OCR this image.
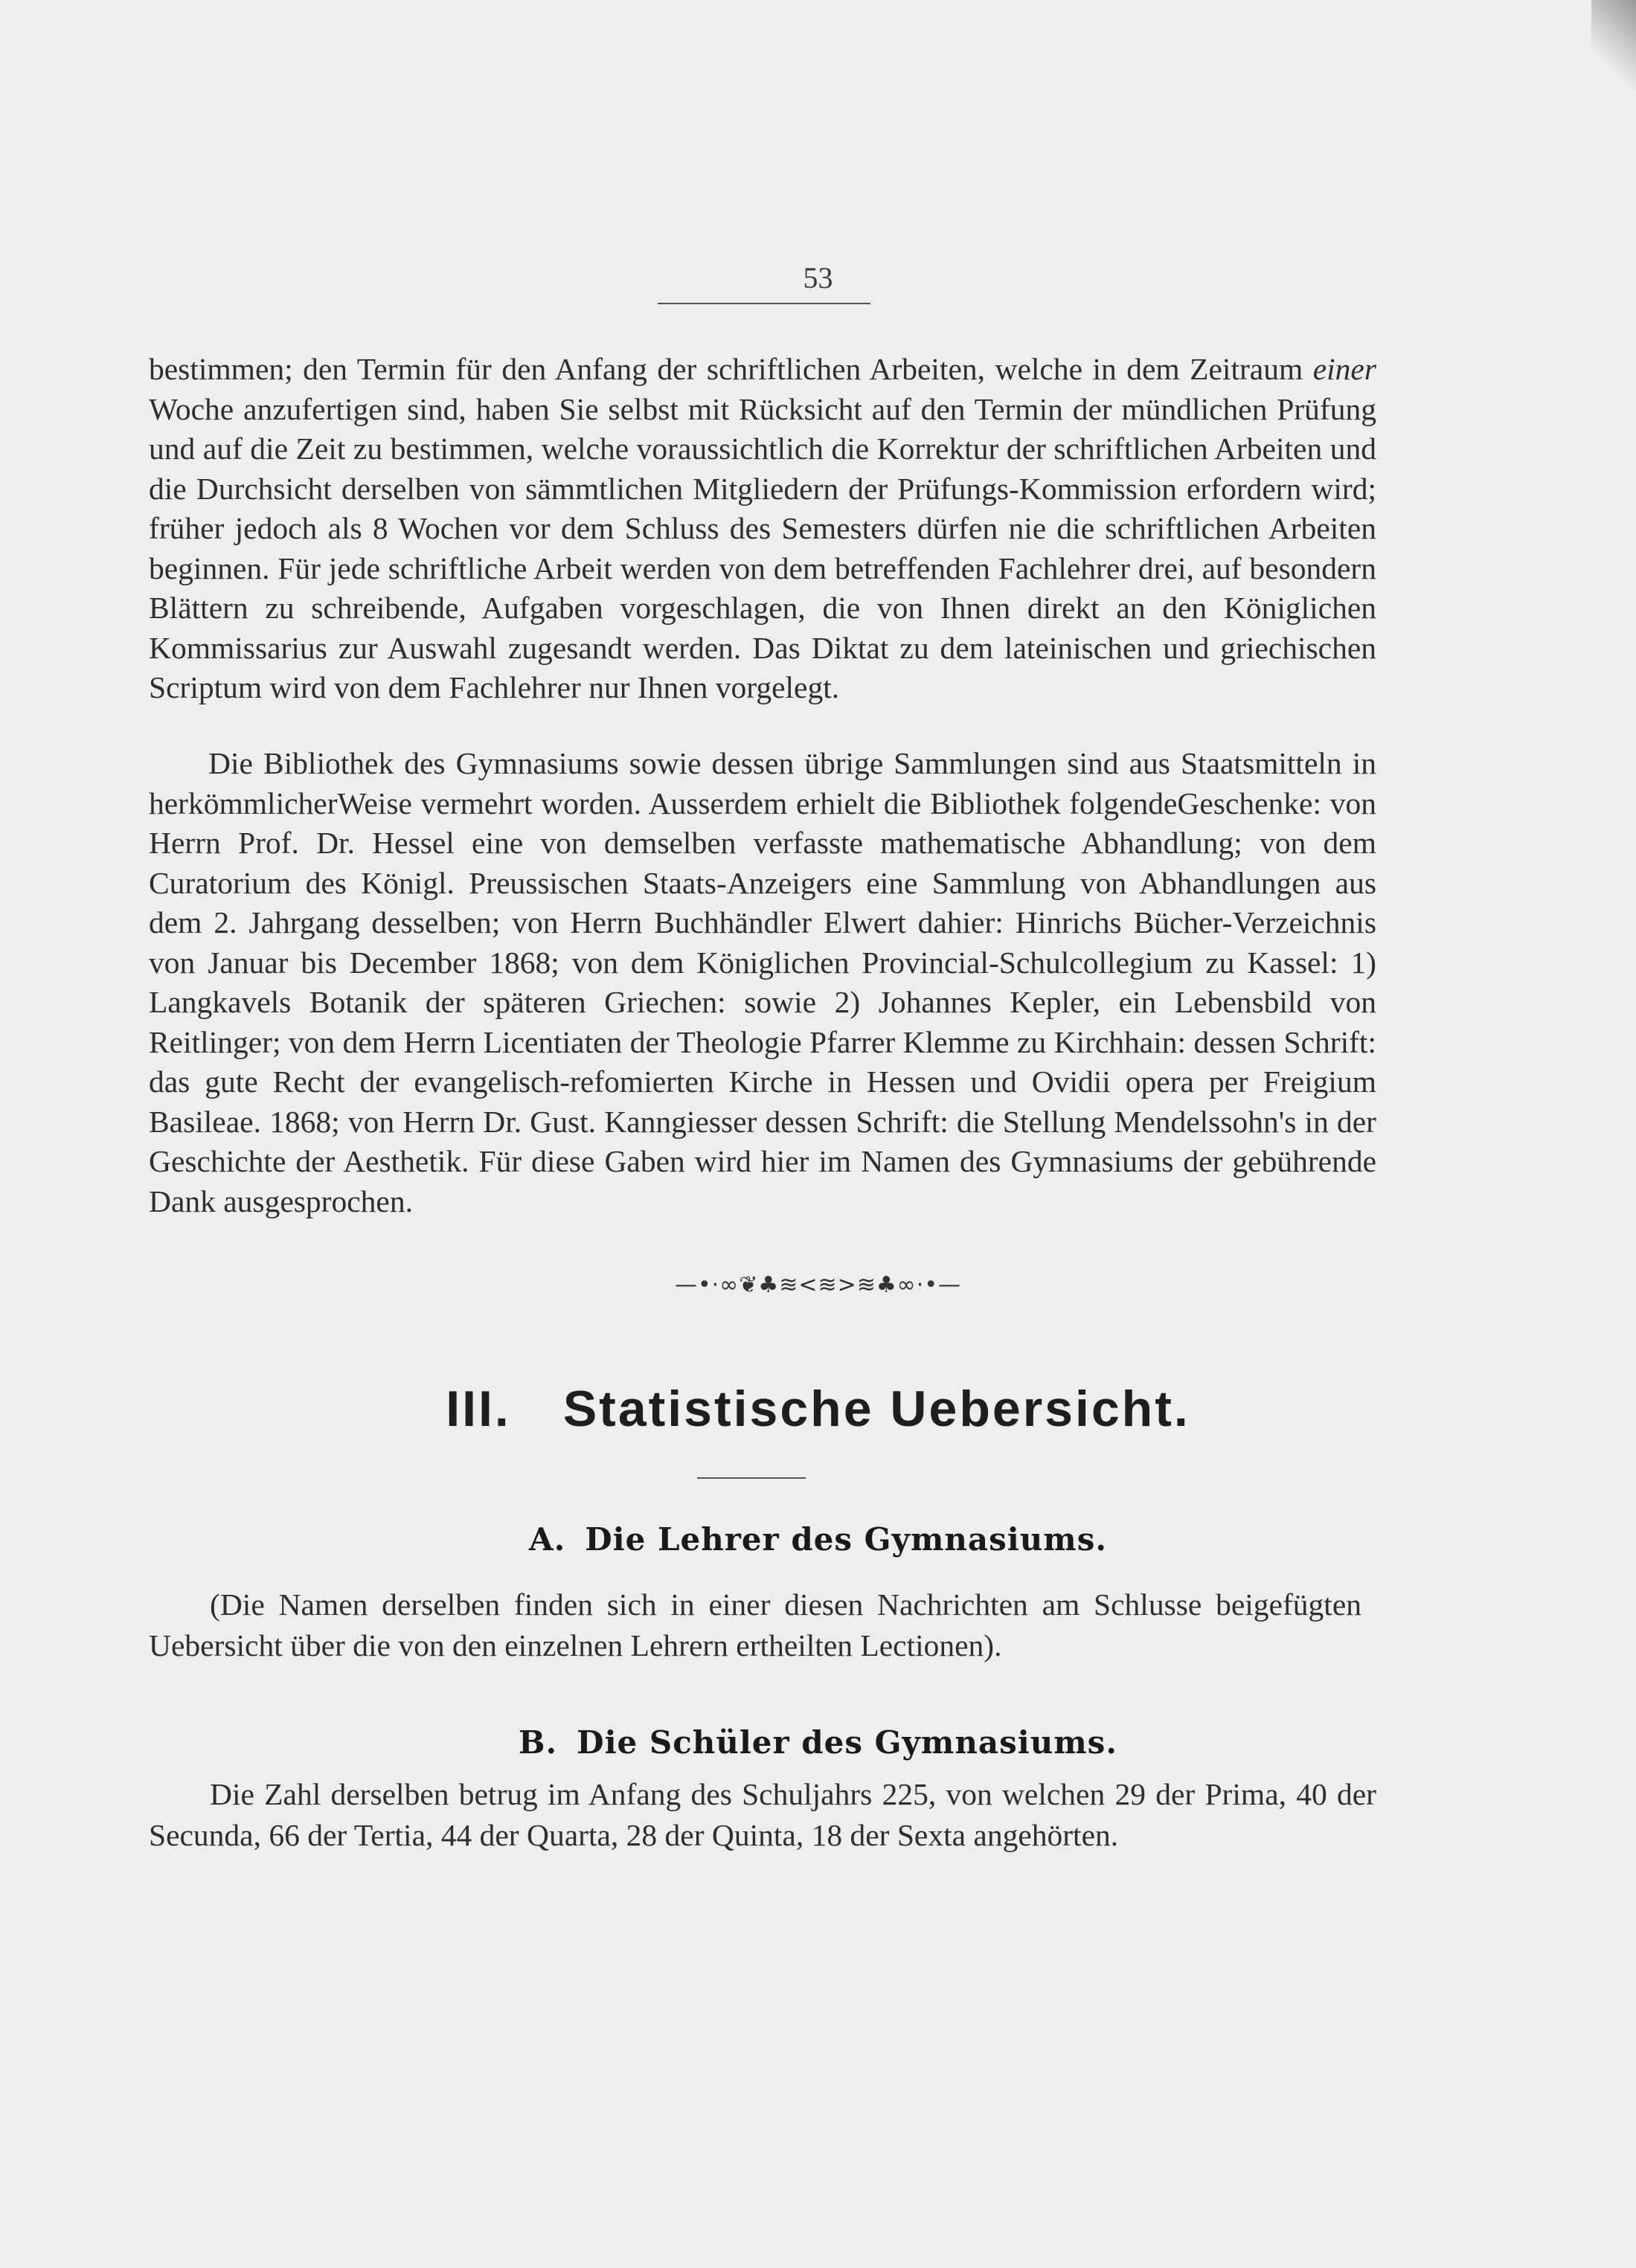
53

bestimmen; den Termin für den Anfang der schriftlichen Arbeiten, welche in dem Zeitraum einer Woche anzufertigen sind, haben Sie selbst mit Rücksicht auf den Termin der mündlichen Prüfung und auf die Zeit zu bestimmen, welche voraussichtlich die Korrektur der schriftlichen Arbeiten und die Durchsicht derselben von sämmtlichen Mitgliedern der Prüfungs-Kommission erfordern wird; früher jedoch als 8 Wochen vor dem Schluss des Semesters dürfen nie die schriftlichen Arbeiten beginnen. Für jede schriftliche Arbeit werden von dem betreffenden Fachlehrer drei, auf besondern Blättern zu schreibende, Aufgaben vorgeschlagen, die von Ihnen direkt an den Königlichen Kommissarius zur Auswahl zugesandt werden. Das Diktat zu dem lateinischen und griechischen Scriptum wird von dem Fachlehrer nur Ihnen vorgelegt.

Die Bibliothek des Gymnasiums sowie dessen übrige Sammlungen sind aus Staatsmitteln in herkömmlicherWeise vermehrt worden. Ausserdem erhielt die Bibliothek folgendeGeschenke: von Herrn Prof. Dr. Hessel eine von demselben verfasste mathematische Abhandlung; von dem Curatorium des Königl. Preussischen Staats-Anzeigers eine Sammlung von Abhandlungen aus dem 2. Jahrgang desselben; von Herrn Buchhändler Elwert dahier: Hinrichs Bücher-Verzeichnis von Januar bis December 1868; von dem Königlichen Provincial-Schulcollegium zu Kassel: 1) Langkavels Botanik der späteren Griechen: sowie 2) Johannes Kepler, ein Lebensbild von Reitlinger; von dem Herrn Licentiaten der Theologie Pfarrer Klemme zu Kirchhain: dessen Schrift: das gute Recht der evangelisch-refomierten Kirche in Hessen und Ovidii opera per Freigium Basileae. 1868; von Herrn Dr. Gust. Kanngiesser dessen Schrift: die Stellung Mendelssohn's in der Geschichte der Aesthetik. Für diese Gaben wird hier im Namen des Gymnasiums der gebührende Dank ausgesprochen.

—•·∞❦♣≋<≋>≋♣∞·•—
III. Statistische Uebersicht.
A. Die Lehrer des Gymnasiums.

(Die Namen derselben finden sich in einer diesen Nachrichten am Schlusse beigefügten Uebersicht über die von den einzelnen Lehrern ertheilten Lectionen).

B. Die Schüler des Gymnasiums.

Die Zahl derselben betrug im Anfang des Schuljahrs 225, von welchen 29 der Prima, 40 der Secunda, 66 der Tertia, 44 der Quarta, 28 der Quinta, 18 der Sexta angehörten.
